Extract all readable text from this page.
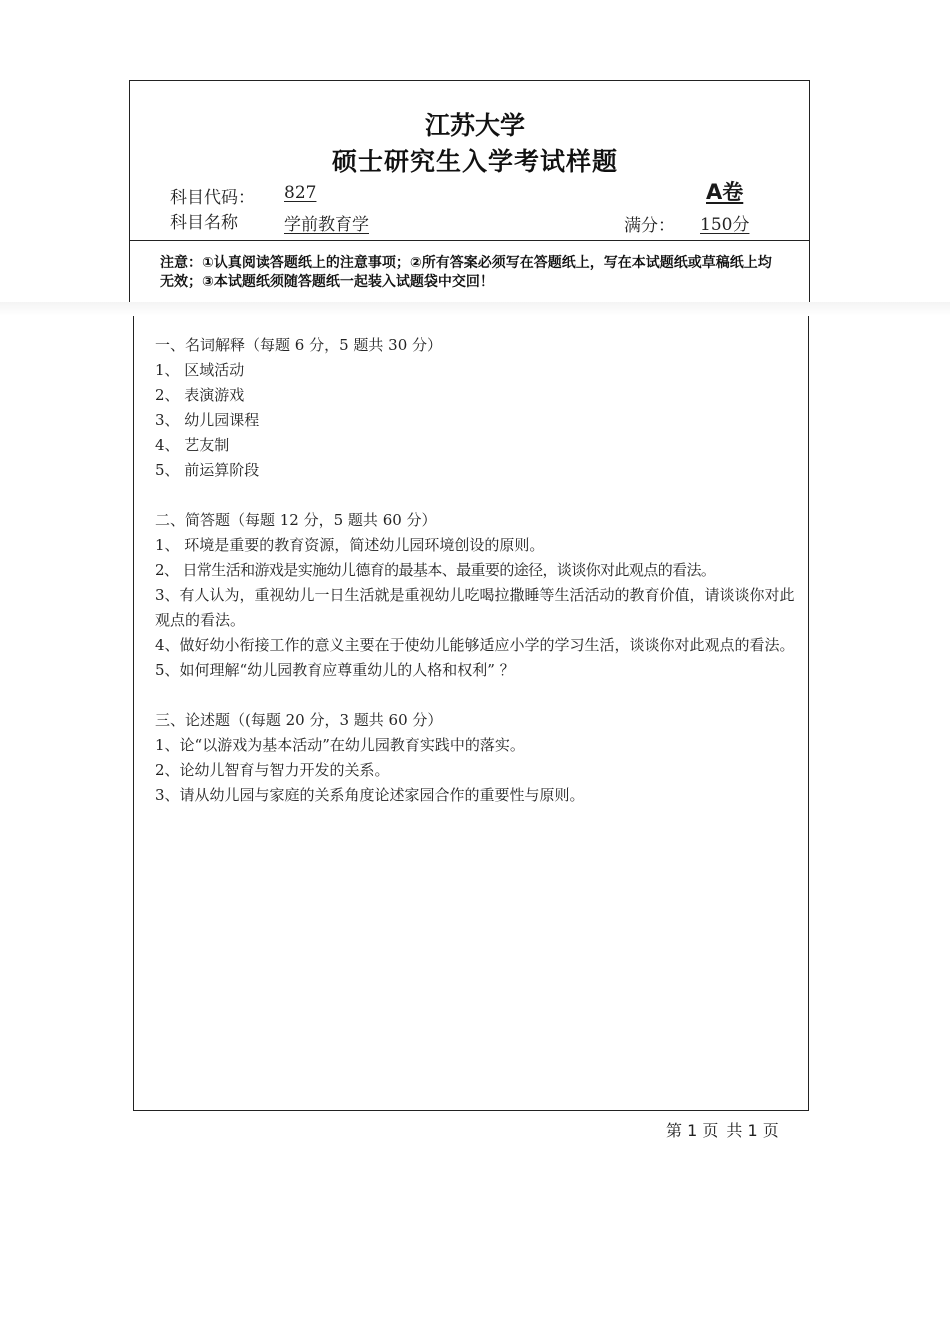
江苏大学
硕士研究生入学考试样题
科目代码： 827	A卷
科目名称	学前教育学	满分： 150分
注意：①认真阅读答题纸上的注意事项；②所有答案必须写在答题纸上，写在本试题纸或草稿纸上均无效；③本试题纸须随答题纸一起装入试题袋中交回！

一、名词解释（每题 6 分，5 题共 30 分）

1、 区域活动

2、 表演游戏

3、 幼儿园课程

4、 艺友制

5、 前运算阶段

二、简答题（每题 12 分，5 题共 60 分）

1、 环境是重要的教育资源，简述幼儿园环境创设的原则。

2、 日常生活和游戏是实施幼儿德育的最基本、最重要的途径，谈谈你对此观点的看法。

3、有人认为，重视幼儿一日生活就是重视幼儿吃喝拉撒睡等生活活动的教育价值，请谈谈你对此观点的看法。

4、做好幼小衔接工作的意义主要在于使幼儿能够适应小学的学习生活，谈谈你对此观点的看法。

5、如何理解“幼儿园教育应尊重幼儿的人格和权利” ？

三、论述题（(每题 20 分，3 题共 60 分）

1、论“以游戏为基本活动”在幼儿园教育实践中的落实。

2、论幼儿智育与智力开发的关系。

3、请从幼儿园与家庭的关系角度论述家园合作的重要性与原则。

第 1 页 共 1 页
